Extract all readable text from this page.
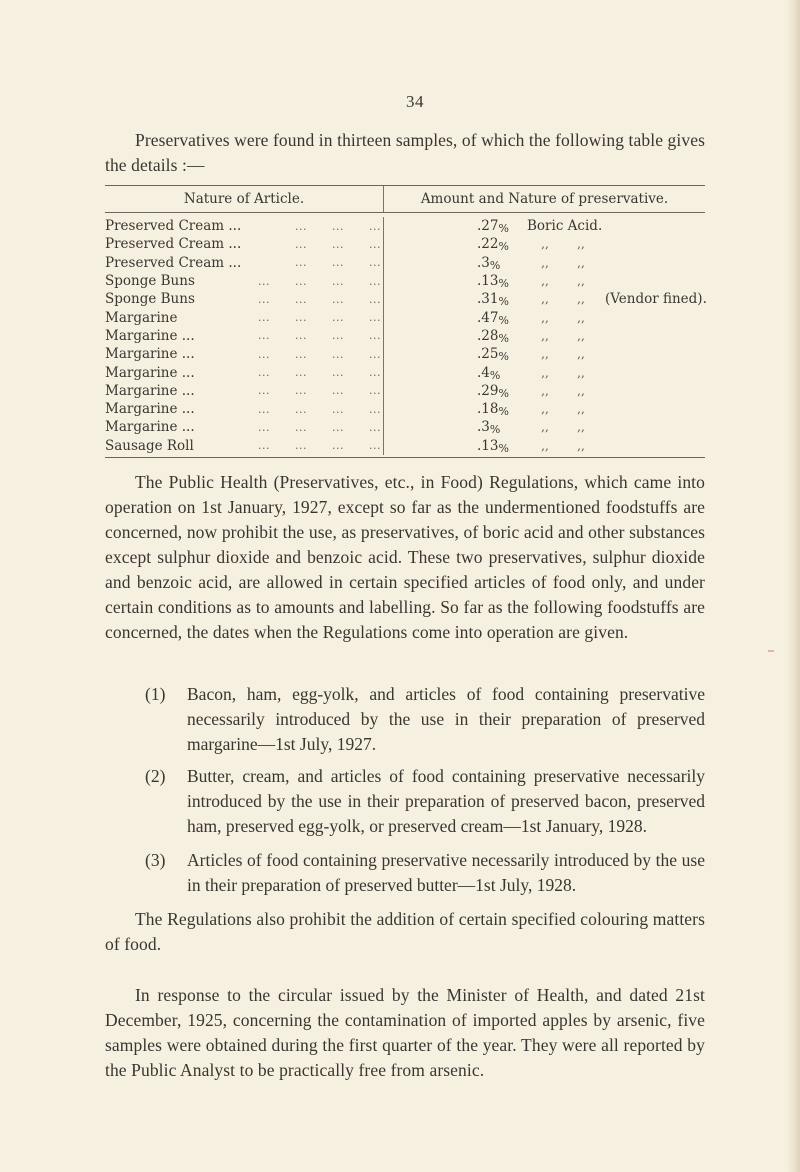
34
Preservatives were found in thirteen samples, of which the following table gives the details :—
Nature of Article.	Amount and Nature of preservative.
Preserved Cream ...	...	...	...	.27%	Boric Acid.
Preserved Cream ...	...	...	...	.22%	,,	,,
Preserved Cream ...	...	...	...	.3%	,,	,,
Sponge Buns	...	...	...	...	.13%	,,	,,
Sponge Buns	...	...	...	...	.31%	,,	,,	(Vendor fined).
Margarine	...	...	...	...	.47%	,,	,,
Margarine ...	...	...	...	...	.28%	,,	,,
Margarine ...	...	...	...	...	.25%	,,	,,
Margarine ...	...	...	...	...	.4%	,,	,,
Margarine ...	...	...	...	...	.29%	,,	,,
Margarine ...	...	...	...	...	.18%	,,	,,
Margarine ...	...	...	...	...	.3%	,,	,,
Sausage Roll	...	...	...	...	.13%	,,	,,
The Public Health (Preservatives, etc., in Food) Regulations, which came into operation on 1st January, 1927, except so far as the undermentioned foodstuffs are concerned, now prohibit the use, as preservatives, of boric acid and other substances except sulphur dioxide and benzoic acid. These two preservatives, sulphur dioxide and benzoic acid, are allowed in certain specified articles of food only, and under certain conditions as to amounts and labelling. So far as the following foodstuffs are concerned, the dates when the Regulations come into operation are given.
(1) Bacon, ham, egg-yolk, and articles of food containing preservative necessarily introduced by the use in their preparation of preserved margarine—1st July, 1927.
(2) Butter, cream, and articles of food containing preservative necessarily introduced by the use in their preparation of preserved bacon, preserved ham, preserved egg-yolk, or preserved cream—1st January, 1928.
(3) Articles of food containing preservative necessarily introduced by the use in their preparation of preserved butter—1st July, 1928.
The Regulations also prohibit the addition of certain specified colouring matters of food.
In response to the circular issued by the Minister of Health, and dated 21st December, 1925, concerning the contamination of imported apples by arsenic, five samples were obtained during the first quarter of the year. They were all reported by the Public Analyst to be practically free from arsenic.
